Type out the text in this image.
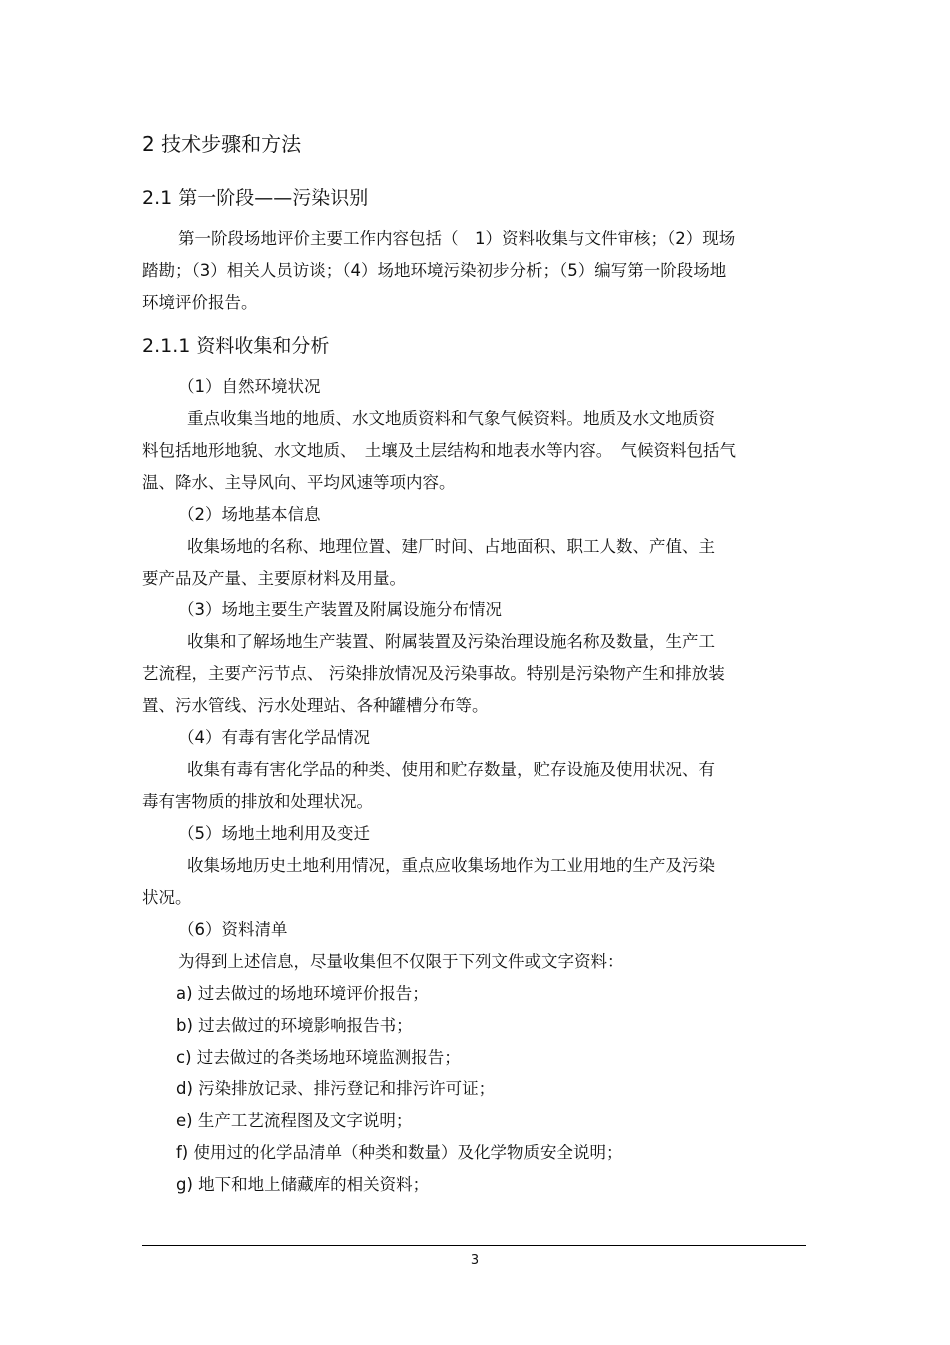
2 技术步骤和方法
2.1 第一阶段——污染识别
第一阶段场地评价主要工作内容包括（　1）资料收集与文件审核；（2）现场
踏勘；（3）相关人员访谈；（4）场地环境污染初步分析；（5）编写第一阶段场地
环境评价报告。
2.1.1 资料收集和分析
（1）自然环境状况
重点收集当地的地质、水文地质资料和气象气候资料。地质及水文地质资
料包括地形地貌、水文地质、　土壤及土层结构和地表水等内容。　气候资料包括气
温、降水、主导风向、平均风速等项内容。
（2）场地基本信息
收集场地的名称、地理位置、建厂时间、占地面积、职工人数、产值、主
要产品及产量、主要原材料及用量。
（3）场地主要生产装置及附属设施分布情况
收集和了解场地生产装置、附属装置及污染治理设施名称及数量，生产工
艺流程，主要产污节点、 污染排放情况及污染事故。特别是污染物产生和排放装
置、污水管线、污水处理站、各种罐槽分布等。
（4）有毒有害化学品情况
收集有毒有害化学品的种类、使用和贮存数量，贮存设施及使用状况、有
毒有害物质的排放和处理状况。
（5）场地土地利用及变迁
收集场地历史土地利用情况，重点应收集场地作为工业用地的生产及污染
状况。
（6）资料清单
为得到上述信息，尽量收集但不仅限于下列文件或文字资料：
a) 过去做过的场地环境评价报告；
b) 过去做过的环境影响报告书；
c) 过去做过的各类场地环境监测报告；
d) 污染排放记录、排污登记和排污许可证；
e) 生产工艺流程图及文字说明；
f) 使用过的化学品清单（种类和数量）及化学物质安全说明；
g) 地下和地上储藏库的相关资料；
3
